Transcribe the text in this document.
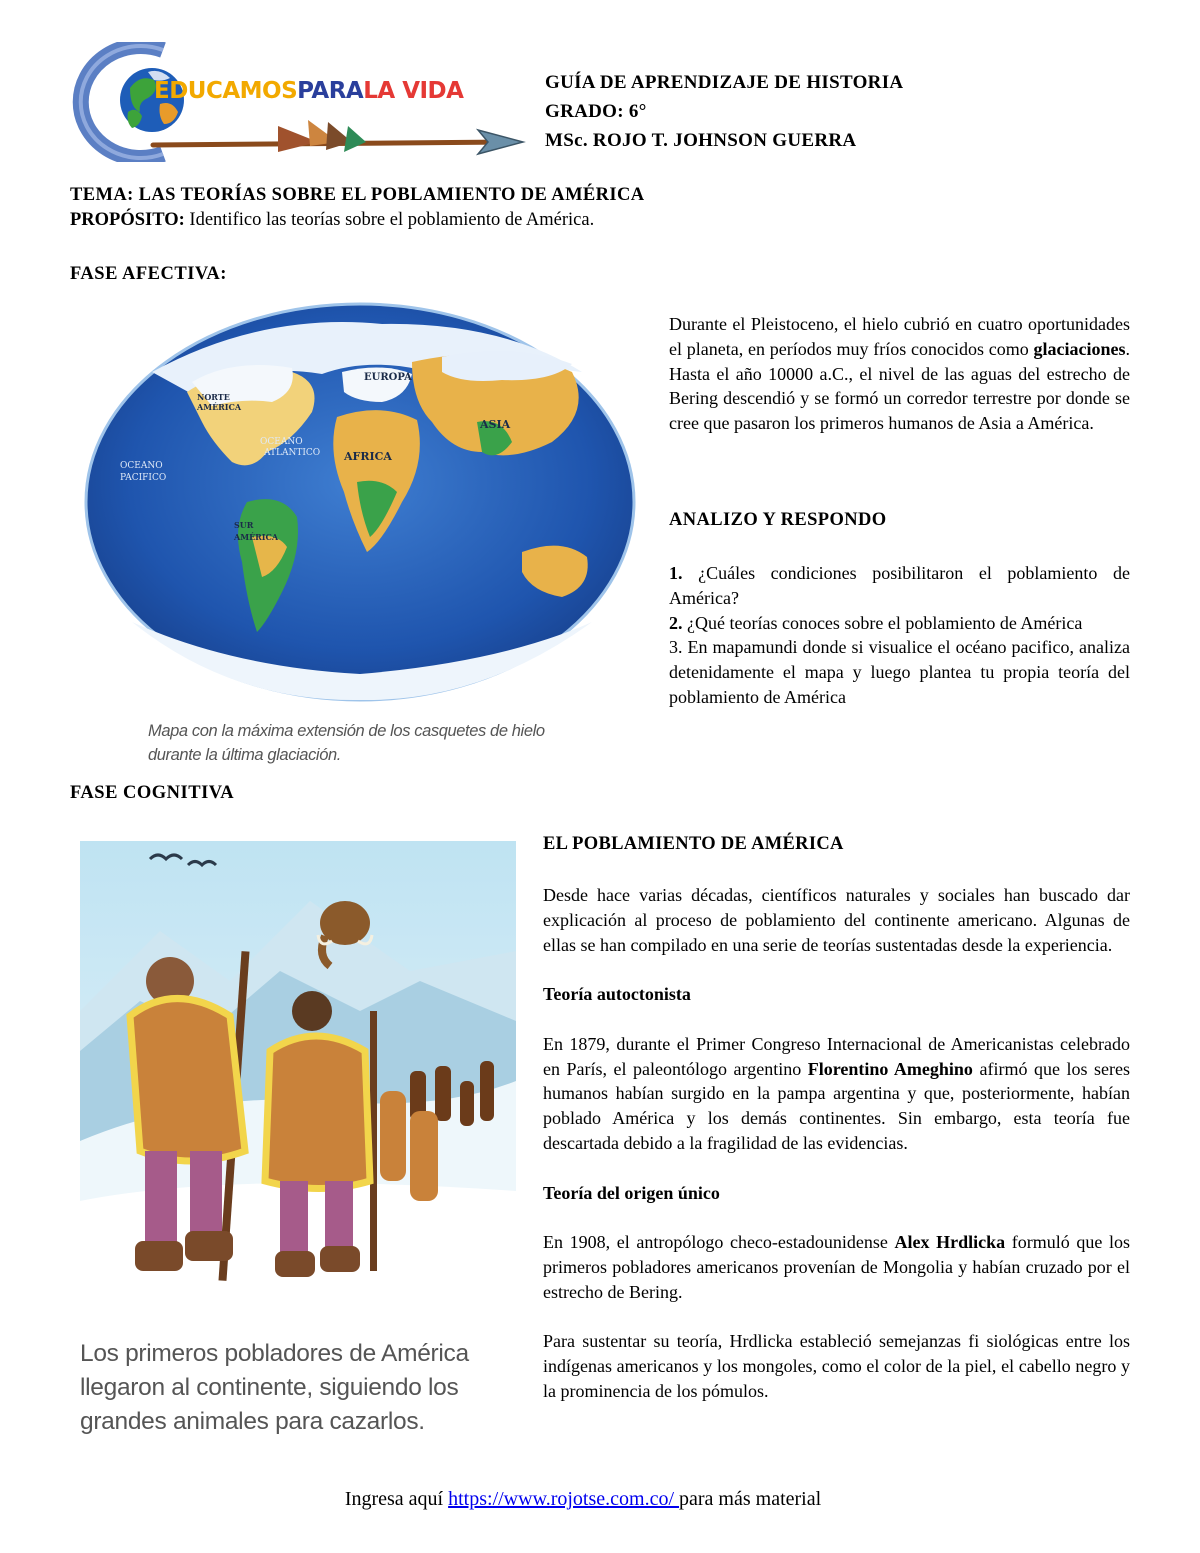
EDUCAMOSPARALA VIDA	GUÍA DE APRENDIZAJE DE HISTORIA
GRADO: 6°
MSc. ROJO T. JOHNSON GUERRA
TEMA: LAS TEORÍAS SOBRE EL POBLAMIENTO DE AMÉRICA
PROPÓSITO: Identifico las teorías sobre el poblamiento de América.
FASE AFECTIVA:
EUROPA
NORTE
AMÉRICA
OCEANO
ATLANTICO
ASIA
AFRICA
OCEANO
PACIFICO
SUR
AMÉRICA
Mapa con la máxima extensión de los casquetes de hielo
durante la última glaciación.
Durante el Pleistoceno, el hielo cubrió en cuatro oportunidades el planeta, en períodos muy fríos conocidos como glaciaciones. Hasta el año 10000 a.C., el nivel de las aguas del estrecho de Bering descendió y se formó un corredor terrestre por donde se cree que pasaron los primeros humanos de Asia a América.
ANALIZO Y RESPONDO
1. ¿Cuáles condiciones posibilitaron el poblamiento de América?
2. ¿Qué teorías conoces sobre el poblamiento de América
3. En mapamundi donde si visualice el océano pacifico, analiza detenidamente el mapa y luego plantea tu propia teoría del poblamiento de América
FASE COGNITIVA
Los primeros pobladores de América
llegaron al continente, siguiendo los
grandes animales para cazarlos.
EL POBLAMIENTO DE AMÉRICA

Desde hace varias décadas, científicos naturales y sociales han buscado dar explicación al proceso de poblamiento del continente americano. Algunas de ellas se han compilado en una serie de teorías sustentadas desde la experiencia.

Teoría autoctonista

En 1879, durante el Primer Congreso Internacional de Americanistas celebrado en París, el paleontólogo argentino Florentino Ameghino afirmó que los seres humanos habían surgido en la pampa argentina y que, posteriormente, habían poblado América y los demás continentes. Sin embargo, esta teoría fue descartada debido a la fragilidad de las evidencias.

Teoría del origen único

En 1908, el antropólogo checo-estadounidense Alex Hrdlicka formuló que los primeros pobladores americanos provenían de Mongolia y habían cruzado por el estrecho de Bering.

Para sustentar su teoría, Hrdlicka estableció semejanzas fi siológicas entre los indígenas americanos y los mongoles, como el color de la piel, el cabello negro y la prominencia de los pómulos.

Ingresa aquí https://www.rojotse.com.co/ para más material
